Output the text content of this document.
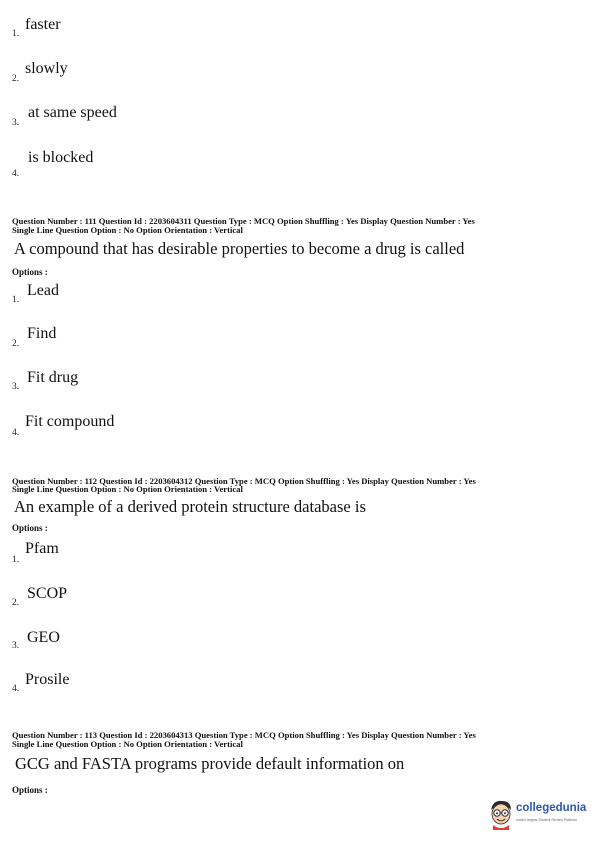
1.
faster
2.
slowly
3.
at same speed
4.
is blocked
Question Number : 111 Question Id : 2203604311 Question Type : MCQ Option Shuffling : Yes Display Question Number : Yes
Single Line Question Option : No Option Orientation : Vertical
A compound that has desirable properties to become a drug is called
Options :
1.
Lead
2.
Find
3.
Fit drug
4.
Fit compound
Question Number : 112 Question Id : 2203604312 Question Type : MCQ Option Shuffling : Yes Display Question Number : Yes
Single Line Question Option : No Option Orientation : Vertical
An example of a derived protein structure database is
Options :
1.
Pfam
2.
SCOP
3. GEO
4.
Prosile
Question Number : 113 Question Id : 2203604313 Question Type : MCQ Option Shuffling : Yes Display Question Number : Yes
Single Line Question Option : No Option Orientation : Vertical
GCG and FASTA programs provide default information on
Options :
collegedunia
India's largest Student Review Platform
